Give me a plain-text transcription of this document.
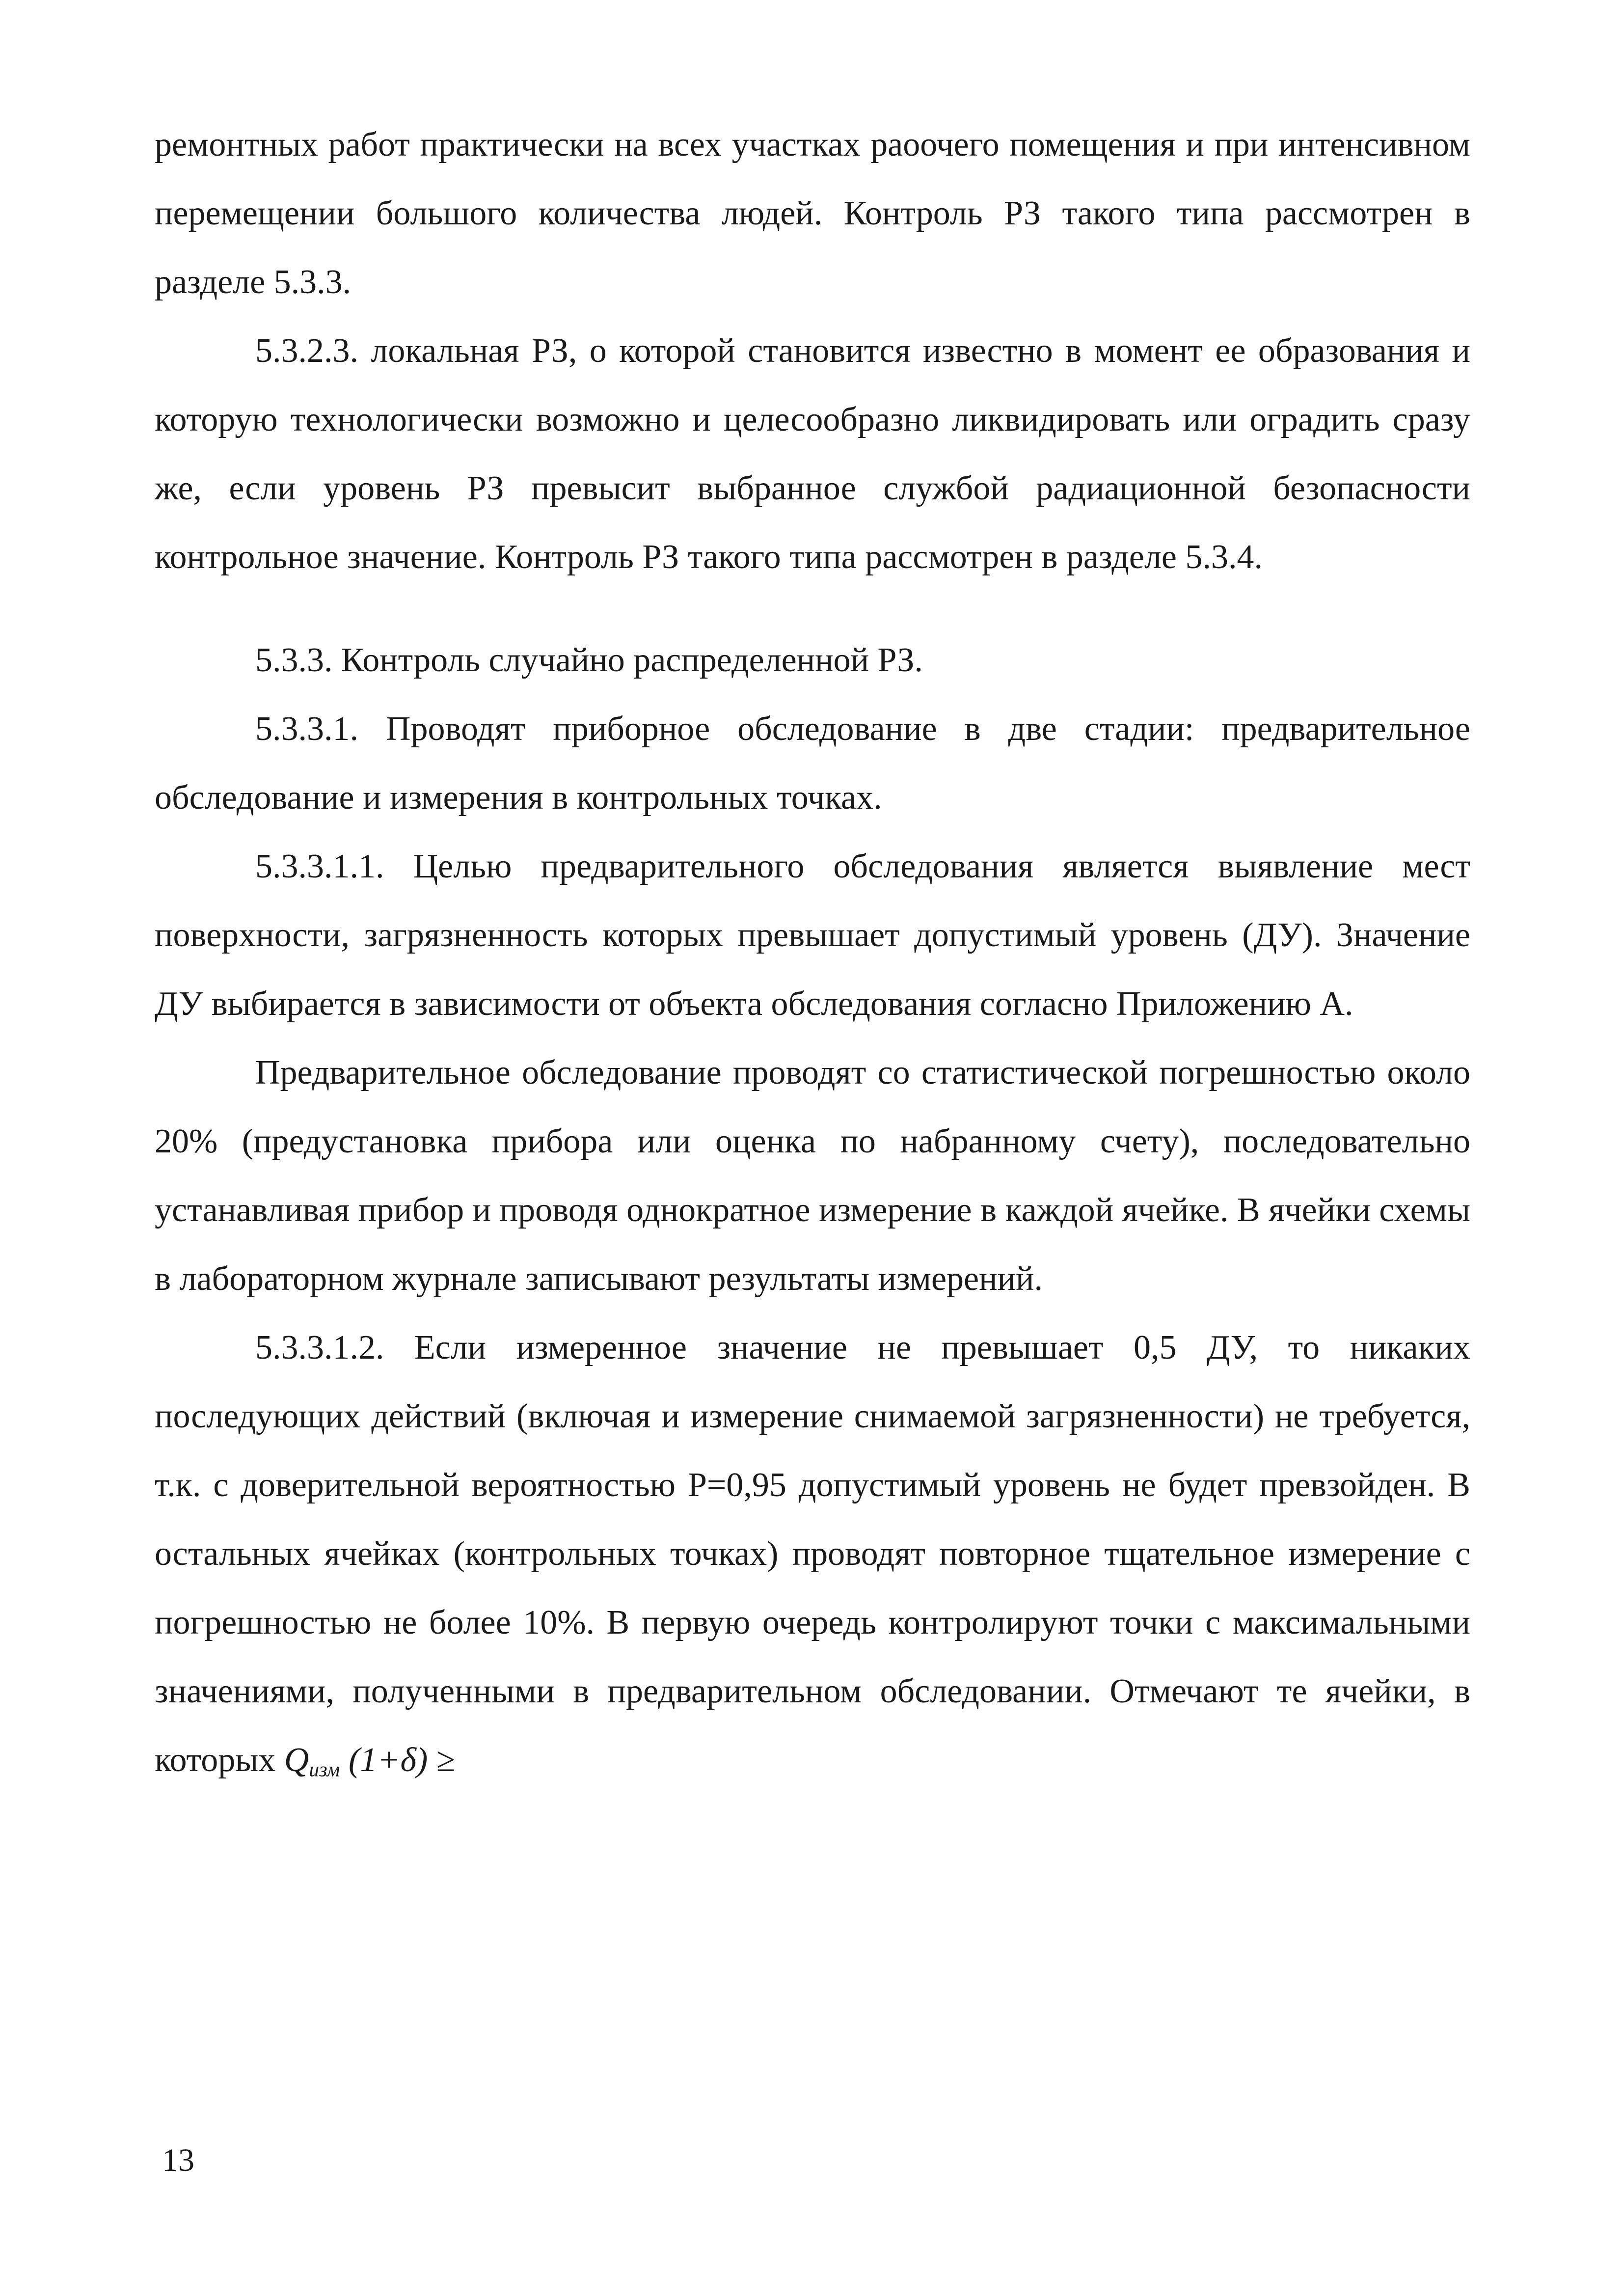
ремонтных работ практически на всех участках раоочего помещения и при интенсивном перемещении большого количества людей. Контроль РЗ такого типа рассмотрен в разделе 5.3.3.

5.3.2.3. локальная РЗ, о которой становится известно в момент ее образования и которую технологически возможно и целесообразно ликвидировать или оградить сразу же, если уровень РЗ превысит выбранное службой радиационной безопасности контрольное значение. Контроль РЗ такого типа рассмотрен в разделе 5.3.4.

5.3.3. Контроль случайно распределенной РЗ.

5.3.3.1. Проводят приборное обследование в две стадии: предварительное обследование и измерения в контрольных точках.

5.3.3.1.1. Целью предварительного обследования является выявление мест поверхности, загрязненность которых превышает допустимый уровень (ДУ). Значение ДУ выбирается в зависимости от объекта обследования согласно Приложению А.

Предварительное обследование проводят со статистической погрешностью около 20% (предустановка прибора или оценка по набранному счету), последовательно устанавливая прибор и проводя однократное измерение в каждой ячейке. В ячейки схемы в лабораторном журнале записывают результаты измерений.

5.3.3.1.2. Если измеренное значение не превышает 0,5 ДУ, то никаких последующих действий (включая и измерение снимаемой загрязненности) не требуется, т.к. с доверительной вероятностью Р=0,95 допустимый уровень не будет превзойден. В остальных ячейках (контрольных точках) проводят повторное тщательное измерение с погрешностью не более 10%. В первую очередь контролируют точки с максимальными значениями, полученными в предварительном обследовании. Отмечают те ячейки, в которых $Q_{изм}$ (1+δ) ≥

13
